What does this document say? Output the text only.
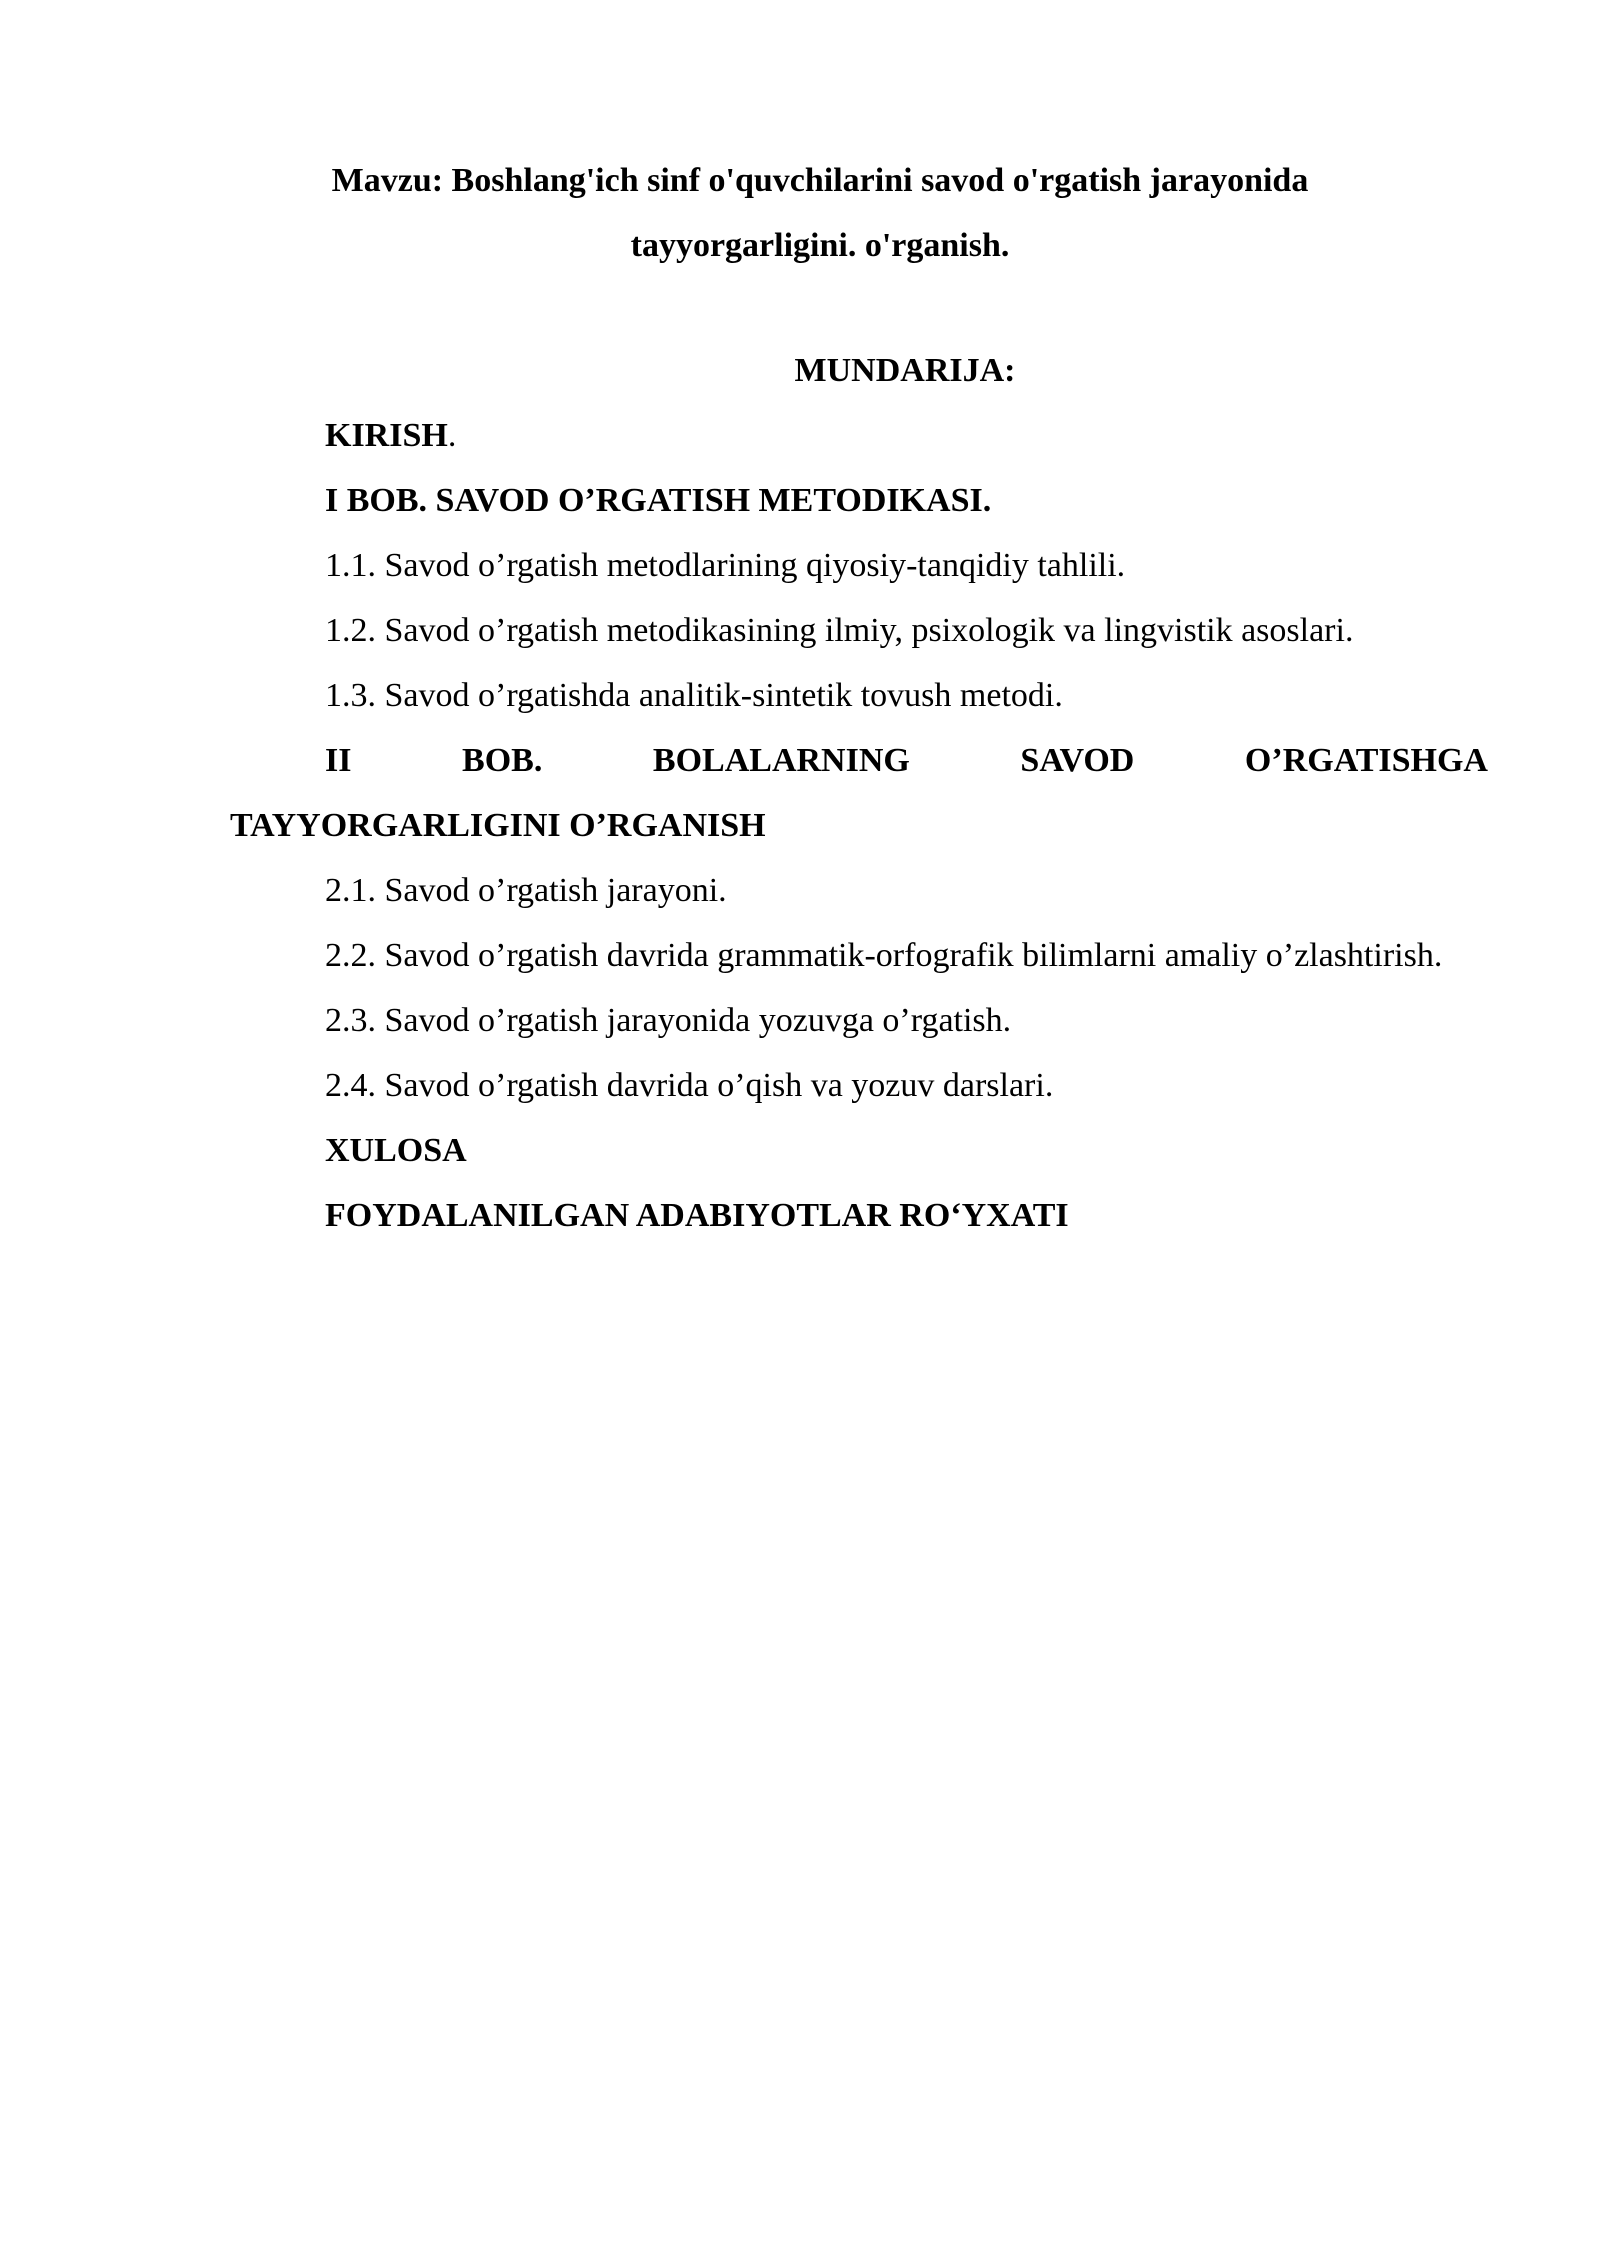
Mavzu: Boshlang'ich sinf o'quvchilarini savod o'rgatish jarayonida
tayyorgarligini. o'rganish.
MUNDARIJA:
KIRISH.
I BOB. SAVOD O’RGATISH METODIKASI.
1.1. Savod o’rgatish metodlarining qiyosiy-tanqidiy tahlili.
1.2. Savod o’rgatish metodikasining ilmiy, psixologik va lingvistik asoslari.
1.3. Savod o’rgatishda analitik-sintetik tovush metodi.
II	BOB.	BOLALARNING	SAVOD	O’RGATISHGA
TAYYORGARLIGINI O’RGANISH
2.1. Savod o’rgatish jarayoni.
2.2. Savod o’rgatish davrida grammatik-orfografik bilimlarni amaliy o’zlashtirish.
2.3. Savod o’rgatish jarayonida yozuvga o’rgatish.
2.4. Savod o’rgatish davrida o’qish va yozuv darslari.
XULOSA
FOYDALANILGAN ADABIYOTLAR RO‘YXATI
